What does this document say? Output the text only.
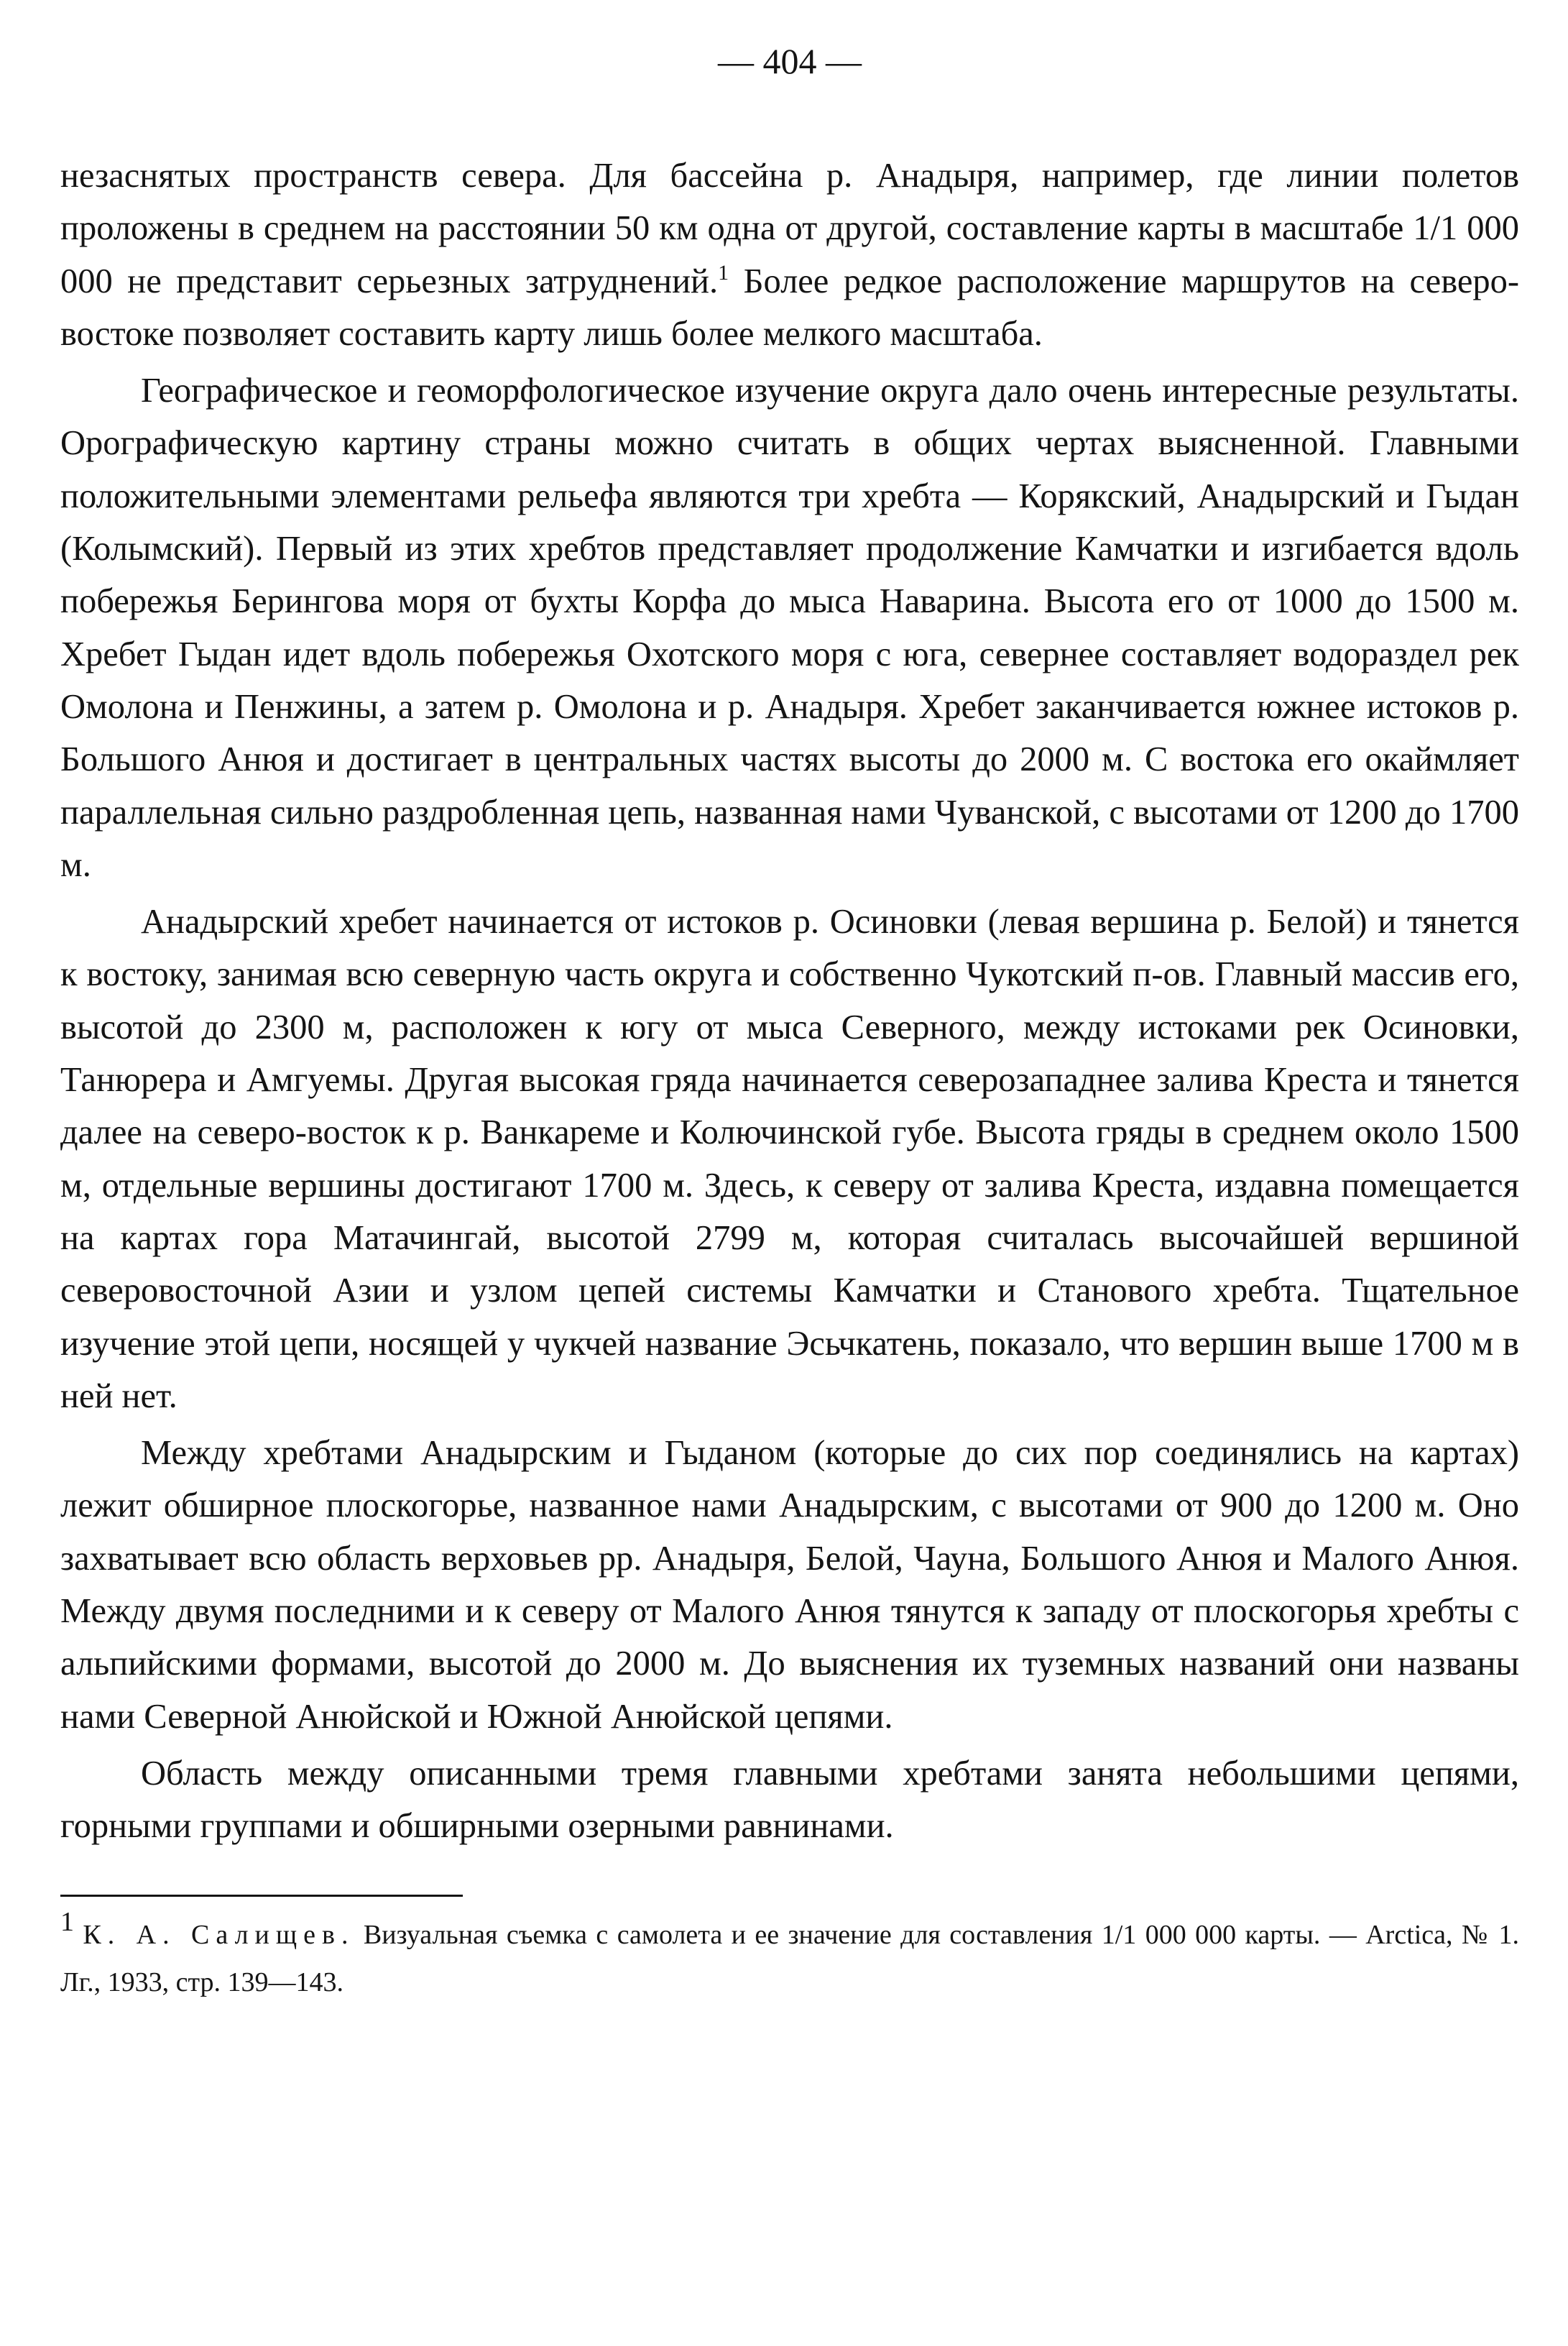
— 404 —

незаснятых пространств севера. Для бассейна р. Анадыря, например, где линии полетов проложены в среднем на расстоянии 50 км одна от другой, составление карты в масштабе 1/1 000 000 не представит серьезных затруднений.$^1$ Более редкое расположение маршрутов на северо-востоке позволяет составить карту лишь более мелкого масштаба.

Географическое и геоморфологическое изучение округа дало очень интересные результаты. Орографическую картину страны можно считать в общих чертах выясненной. Главными положительными элементами рельефа являются три хребта — Корякский, Анадырский и Гыдан (Колымский). Первый из этих хребтов представляет продолжение Камчатки и изгибается вдоль побережья Берингова моря от бухты Корфа до мыса Наварина. Высота его от 1000 до 1500 м. Хребет Гыдан идет вдоль побережья Охотского моря с юга, севернее составляет водораздел рек Омолона и Пенжины, а затем р. Омолона и р. Анадыря. Хребет заканчивается южнее истоков р. Большого Анюя и достигает в центральных частях высоты до 2000 м. С востока его окаймляет параллельная сильно раздробленная цепь, названная нами Чуванской, с высотами от 1200 до 1700 м.

Анадырский хребет начинается от истоков р. Осиновки (левая вершина р. Белой) и тянется к востоку, занимая всю северную часть округа и собственно Чукотский п-ов. Главный массив его, высотой до 2300 м, расположен к югу от мыса Северного, между истоками рек Осиновки, Танюрера и Амгуемы. Другая высокая гряда начинается северозападнее залива Креста и тянется далее на северо-восток к р. Ванкареме и Колючинской губе. Высота гряды в среднем около 1500 м, отдельные вершины достигают 1700 м. Здесь, к северу от залива Креста, издавна помещается на картах гора Матачингай, высотой 2799 м, которая считалась высочайшей вершиной северовосточной Азии и узлом цепей системы Камчатки и Станового хребта. Тщательное изучение этой цепи, носящей у чукчей название Эсьчкатень, показало, что вершин выше 1700 м в ней нет.

Между хребтами Анадырским и Гыданом (которые до сих пор соединялись на картах) лежит обширное плоскогорье, названное нами Анадырским, с высотами от 900 до 1200 м. Оно захватывает всю область верховьев рр. Анадыря, Белой, Чауна, Большого Анюя и Малого Анюя. Между двумя последними и к северу от Малого Анюя тянутся к западу от плоскогорья хребты с альпийскими формами, высотой до 2000 м. До выяснения их туземных названий они названы нами Северной Анюйской и Южной Анюйской цепями.

Область между описанными тремя главными хребтами занята небольшими цепями, горными группами и обширными озерными равнинами.

$^1$ К. А. Салищев. Визуальная съемка с самолета и ее значение для составления 1/1 000 000 карты. — Arctica, № 1. Лг., 1933, стр. 139—143.
